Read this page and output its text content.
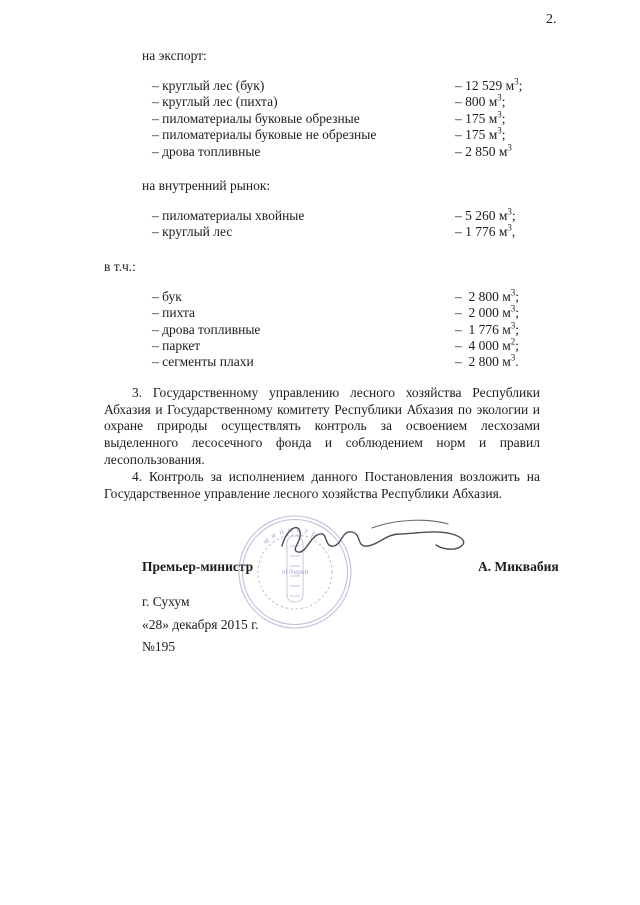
2.
на экспорт:
– круглый лес (бук)	– 12 529 $м^3$;
– круглый лес (пихта)	– 800 $м^3$;
– пиломатериалы буковые обрезные	– 175 $м^3$;
– пиломатериалы буковые не обрезные	– 175 $м^3$;
– дрова топливные	– 2 850 $м^3$
на внутренний рынок:
– пиломатериалы хвойные	– 5 260 $м^3$;
– круглый лес	– 1 776 $м^3$,
в т.ч.:
– бук	–  2 800 $м^3$;
– пихта	–  2 000 $м^3$;
– дрова топливные	–  1 776 $м^3$;
– паркет	–  4 000 $м^2$;
– сегменты плахи	–  2 800 $м^3$.

3. Государственному управлению лесного хозяйства Республики Абхазия и Государственному комитету Республики Абхазия по экологии и охране природы осуществлять контроль за освоением лесхозами выделенного лесосечного фонда и соблюдением норм и правил лесопользования.

4. Контроль за исполнением данного Постановления возложить на Государственное управление лесного хозяйства Республики Абхазия.

Премьер-министр	А. Миквабия
г. Сухум
«28» декабря 2015 г.
№195
министр
of Repub
